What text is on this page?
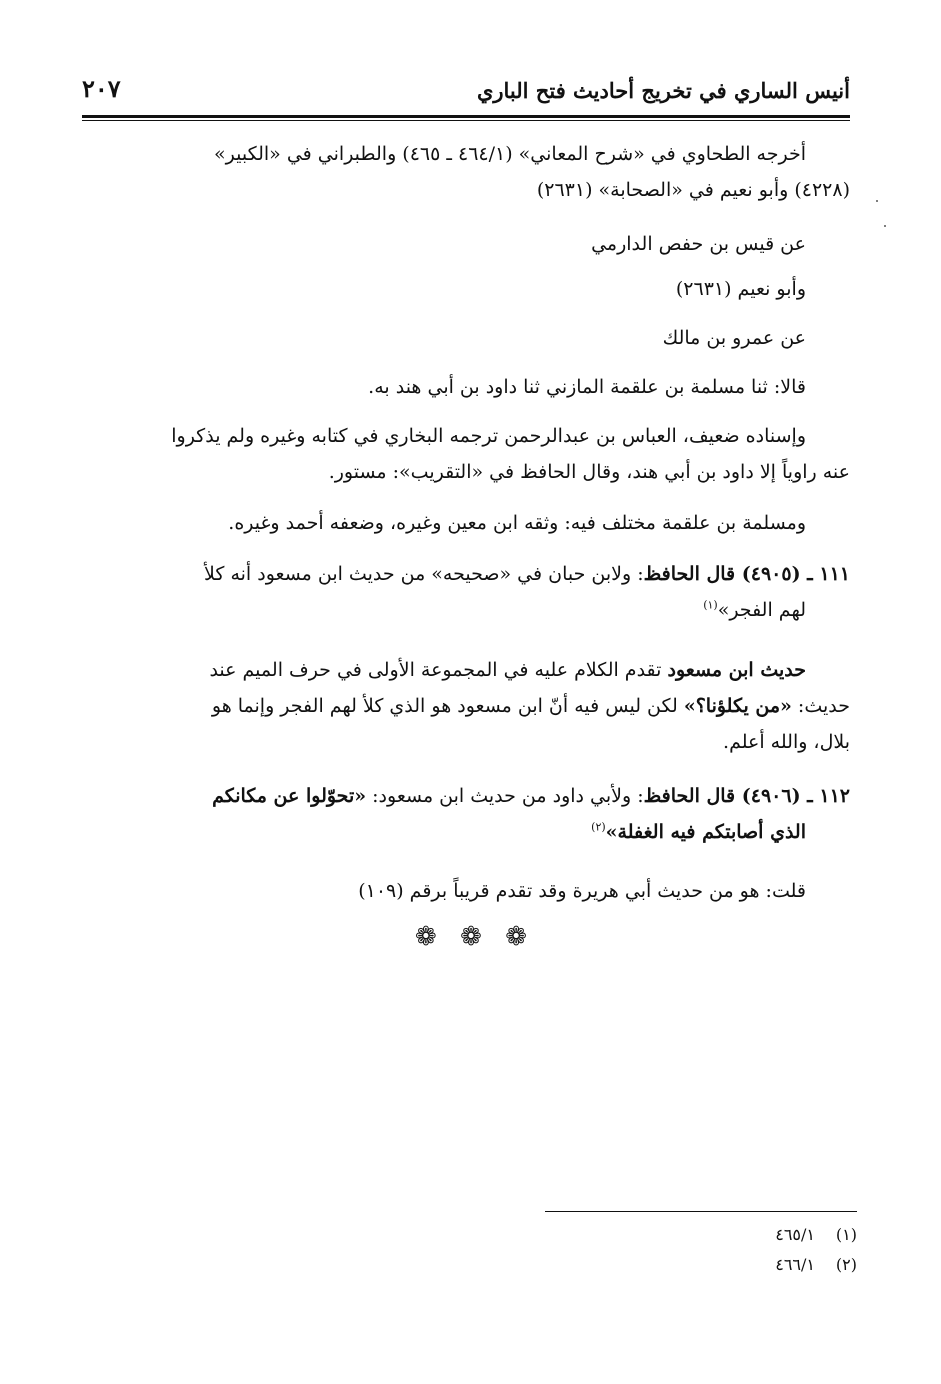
أنيس الساري في تخريج أحاديث فتح الباري
٢٠٧
أخرجه الطحاوي في «شرح المعاني» (٤٦٤/١ ـ ٤٦٥) والطبراني في «الكبير»
(٤٢٢٨) وأبو نعيم في «الصحابة» (٢٦٣١)
عن قيس بن حفص الدارمي
وأبو نعيم (٢٦٣١)
عن عمرو بن مالك
قالا: ثنا مسلمة بن علقمة المازني ثنا داود بن أبي هند به.
وإسناده ضعيف، العباس بن عبدالرحمن ترجمه البخاري في كتابه وغيره ولم يذكروا
عنه راوياً إلا داود بن أبي هند، وقال الحافظ في «التقريب»: مستور.
ومسلمة بن علقمة مختلف فيه: وثقه ابن معين وغيره، وضعفه أحمد وغيره.
١١١ ـ (٤٩٠٥) قال الحافظ: ولابن حبان في «صحيحه» من حديث ابن مسعود أنه كلأ
لهم الفجر»$^{(١)}$
حديث ابن مسعود تقدم الكلام عليه في المجموعة الأولى في حرف الميم عند
حديث: «من يكلؤنا؟» لكن ليس فيه أنّ ابن مسعود هو الذي كلأ لهم الفجر وإنما هو
بلال، والله أعلم.
١١٢ ـ (٤٩٠٦) قال الحافظ: ولأبي داود من حديث ابن مسعود: «تحوّلوا عن مكانكم
الذي أصابتكم فيه الغفلة»$^{(٢)}$
قلت: هو من حديث أبي هريرة وقد تقدم قريباً برقم (١٠٩)
❁
❁
❁
(١)٤٦٥/١
(٢)٤٦٦/١
